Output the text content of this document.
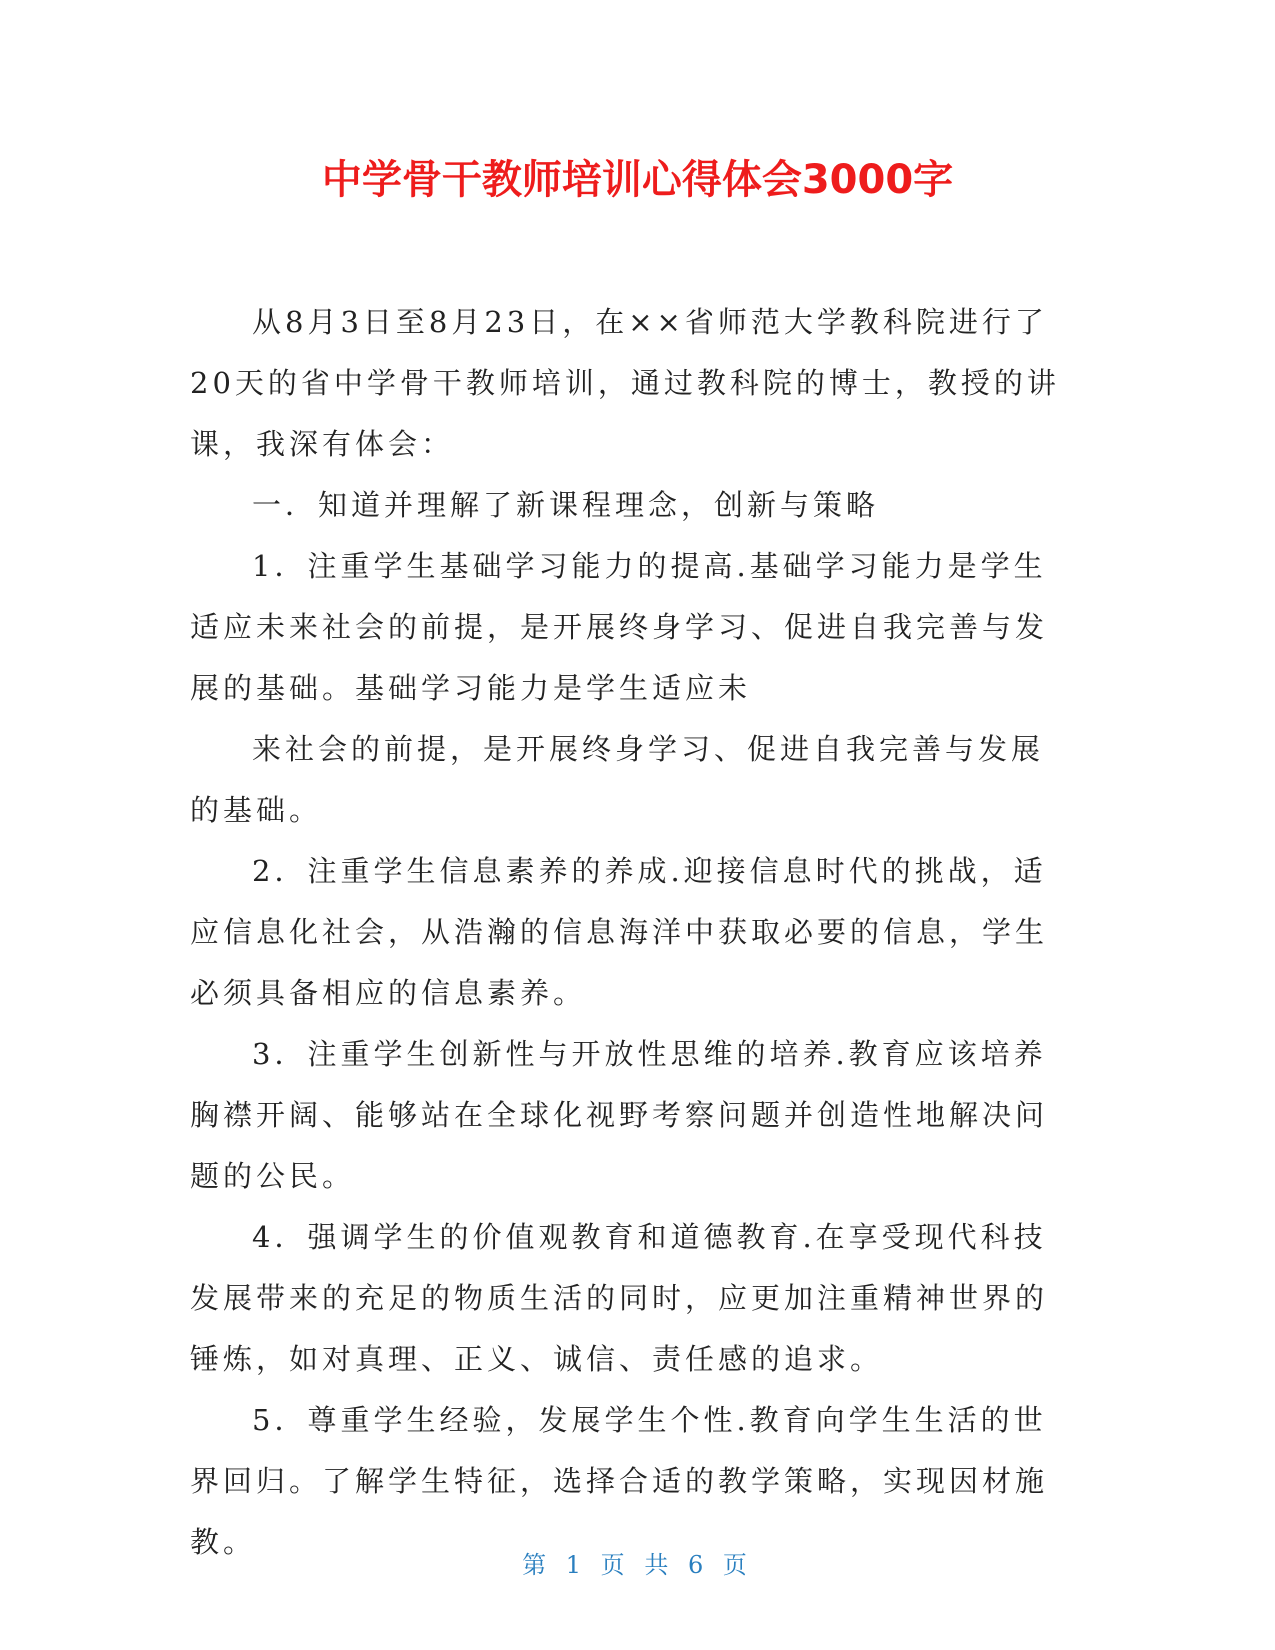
中学骨干教师培训心得体会3000字

从8月3日至8月23日，在××省师范大学教科院进行了20天的省中学骨干教师培训，通过教科院的博士，教授的讲课，我深有体会：

一．知道并理解了新课程理念，创新与策略

1．注重学生基础学习能力的提高.基础学习能力是学生适应未来社会的前提，是开展终身学习、促进自我完善与发展的基础。基础学习能力是学生适应未

来社会的前提，是开展终身学习、促进自我完善与发展的基础。

2．注重学生信息素养的养成.迎接信息时代的挑战，适应信息化社会，从浩瀚的信息海洋中获取必要的信息，学生必须具备相应的信息素养。

3．注重学生创新性与开放性思维的培养.教育应该培养胸襟开阔、能够站在全球化视野考察问题并创造性地解决问题的公民。

4．强调学生的价值观教育和道德教育.在享受现代科技发展带来的充足的物质生活的同时，应更加注重精神世界的锤炼，如对真理、正义、诚信、责任感的追求。

5．尊重学生经验，发展学生个性.教育向学生生活的世界回归。了解学生特征，选择合适的教学策略，实现因材施教。

第 1 页 共 6 页
